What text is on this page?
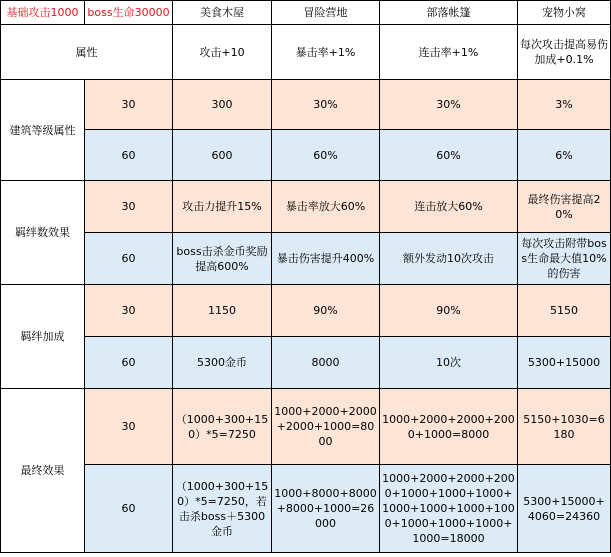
基础攻击1000	boss生命30000	美食木屋	冒险营地	部落帐篷	宠物小窝
属性		攻击+10	暴击率+1%	连击率+1%	每次攻击提高易伤加成+0.1%
建筑等级属性	30	300	30%	30%	3%
	60	600	60%	60%	6%
羁绊数效果	30	攻击力提升15%	暴击率放大60%	连击放大60%	最终伤害提高20%
	60	boss击杀金币奖励提高600%	暴击伤害提升400%	额外发动10次攻击	每次攻击附带boss生命最大值10%的伤害
羁绊加成	30	1150	90%	90%	5150
	60	5300金币	8000	10次	5300+15000
最终效果	30	（1000+300+150）*5=7250	1000+2000+2000+2000+1000=8000	1000+2000+2000+2000+1000=8000	5150+1030=6180
	60	（1000+300+150）*5=7250，若击杀boss＋5300金币	1000+8000+8000+8000+1000=26000	1000+2000+2000+2000+1000+1000+1000+1000+1000+1000+1000+1000+1000+1000+1000=18000	5300+15000+4060=24360
